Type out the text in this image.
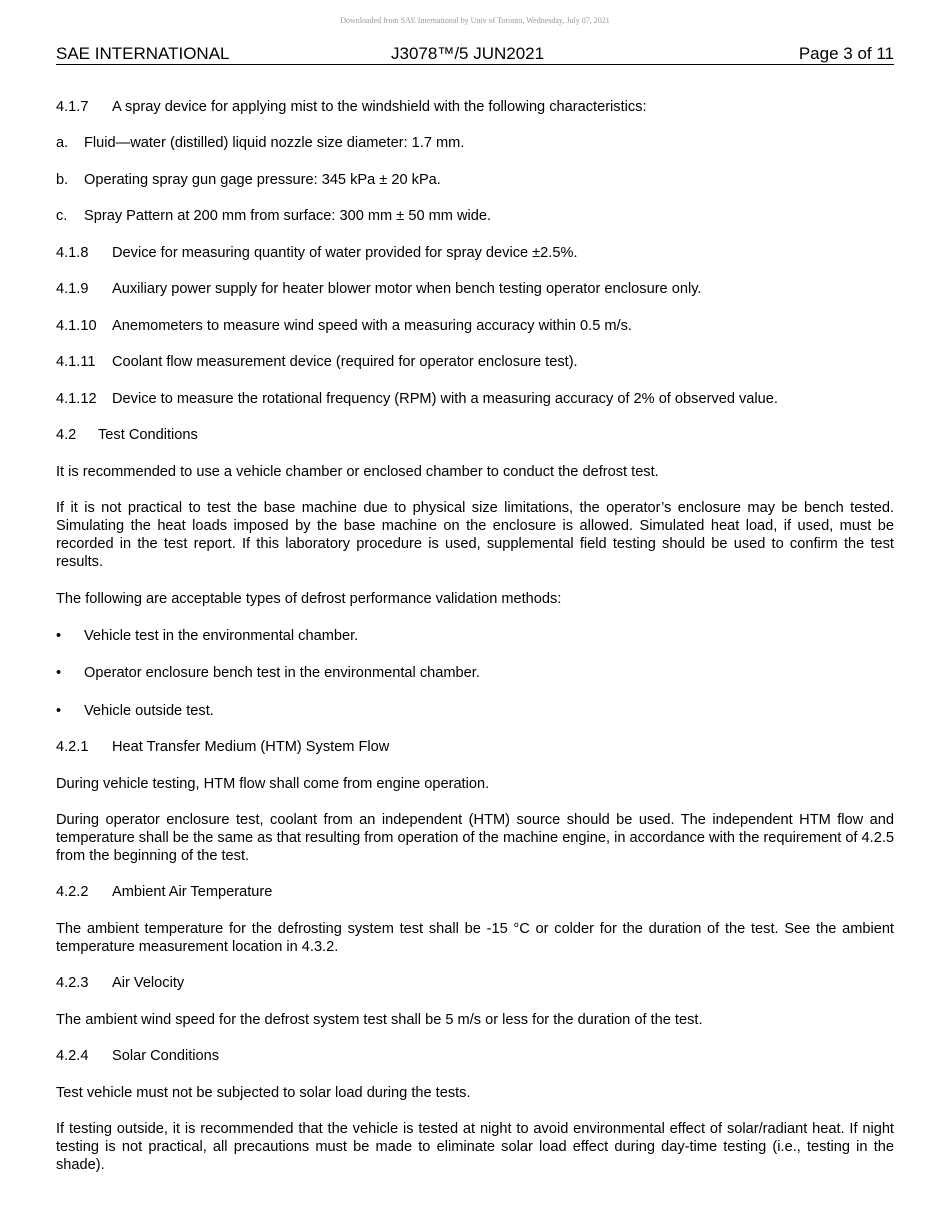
Downloaded from SAE International by Univ of Toronto, Wednesday, July 07, 2021
SAE INTERNATIONAL	J3078™/5 JUN2021	Page 3 of 11
4.1.7 A spray device for applying mist to the windshield with the following characteristics:
a. Fluid—water (distilled) liquid nozzle size diameter: 1.7 mm.
b. Operating spray gun gage pressure: 345 kPa ± 20 kPa.
c. Spray Pattern at 200 mm from surface: 300 mm ± 50 mm wide.
4.1.8 Device for measuring quantity of water provided for spray device ±2.5%.
4.1.9 Auxiliary power supply for heater blower motor when bench testing operator enclosure only.
4.1.10 Anemometers to measure wind speed with a measuring accuracy within 0.5 m/s.
4.1.11 Coolant flow measurement device (required for operator enclosure test).
4.1.12 Device to measure the rotational frequency (RPM) with a measuring accuracy of 2% of observed value.
4.2 Test Conditions
It is recommended to use a vehicle chamber or enclosed chamber to conduct the defrost test.
If it is not practical to test the base machine due to physical size limitations, the operator’s enclosure may be bench tested. Simulating the heat loads imposed by the base machine on the enclosure is allowed. Simulated heat load, if used, must be recorded in the test report. If this laboratory procedure is used, supplemental field testing should be used to confirm the test results.
The following are acceptable types of defrost performance validation methods:
• Vehicle test in the environmental chamber.
• Operator enclosure bench test in the environmental chamber.
• Vehicle outside test.
4.2.1 Heat Transfer Medium (HTM) System Flow
During vehicle testing, HTM flow shall come from engine operation.
During operator enclosure test, coolant from an independent (HTM) source should be used. The independent HTM flow and temperature shall be the same as that resulting from operation of the machine engine, in accordance with the requirement of 4.2.5 from the beginning of the test.
4.2.2 Ambient Air Temperature
The ambient temperature for the defrosting system test shall be -15 °C or colder for the duration of the test. See the ambient temperature measurement location in 4.3.2.
4.2.3 Air Velocity
The ambient wind speed for the defrost system test shall be 5 m/s or less for the duration of the test.
4.2.4 Solar Conditions
Test vehicle must not be subjected to solar load during the tests.
If testing outside, it is recommended that the vehicle is tested at night to avoid environmental effect of solar/radiant heat. If night testing is not practical, all precautions must be made to eliminate solar load effect during day-time testing (i.e., testing in the shade).
